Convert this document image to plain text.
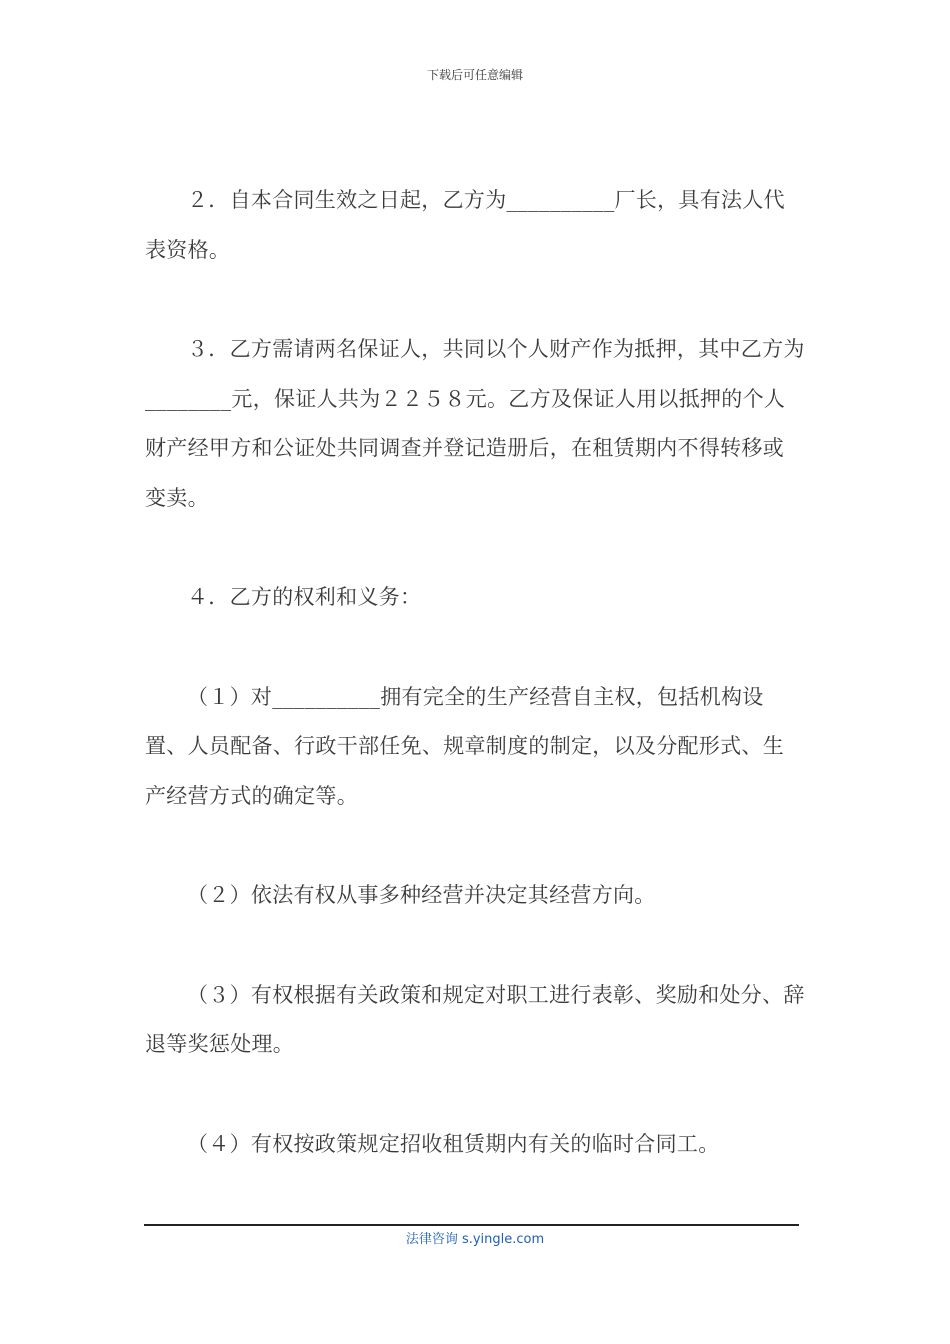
下载后可任意编辑

２．自本合同生效之日起，乙方为__________厂长，具有法人代表资格。

３．乙方需请两名保证人，共同以个人财产作为抵押，其中乙方为________元，保证人共为２２５８元。乙方及保证人用以抵押的个人财产经甲方和公证处共同调查并登记造册后，在租赁期内不得转移或变卖。

４．乙方的权利和义务：

（１）对__________拥有完全的生产经营自主权，包括机构设置、人员配备、行政干部任免、规章制度的制定，以及分配形式、生产经营方式的确定等。

（２）依法有权从事多种经营并决定其经营方向。

（３）有权根据有关政策和规定对职工进行表彰、奖励和处分、辞退等奖惩处理。

（４）有权按政策规定招收租赁期内有关的临时合同工。

法律咨询 s.yingle.com
